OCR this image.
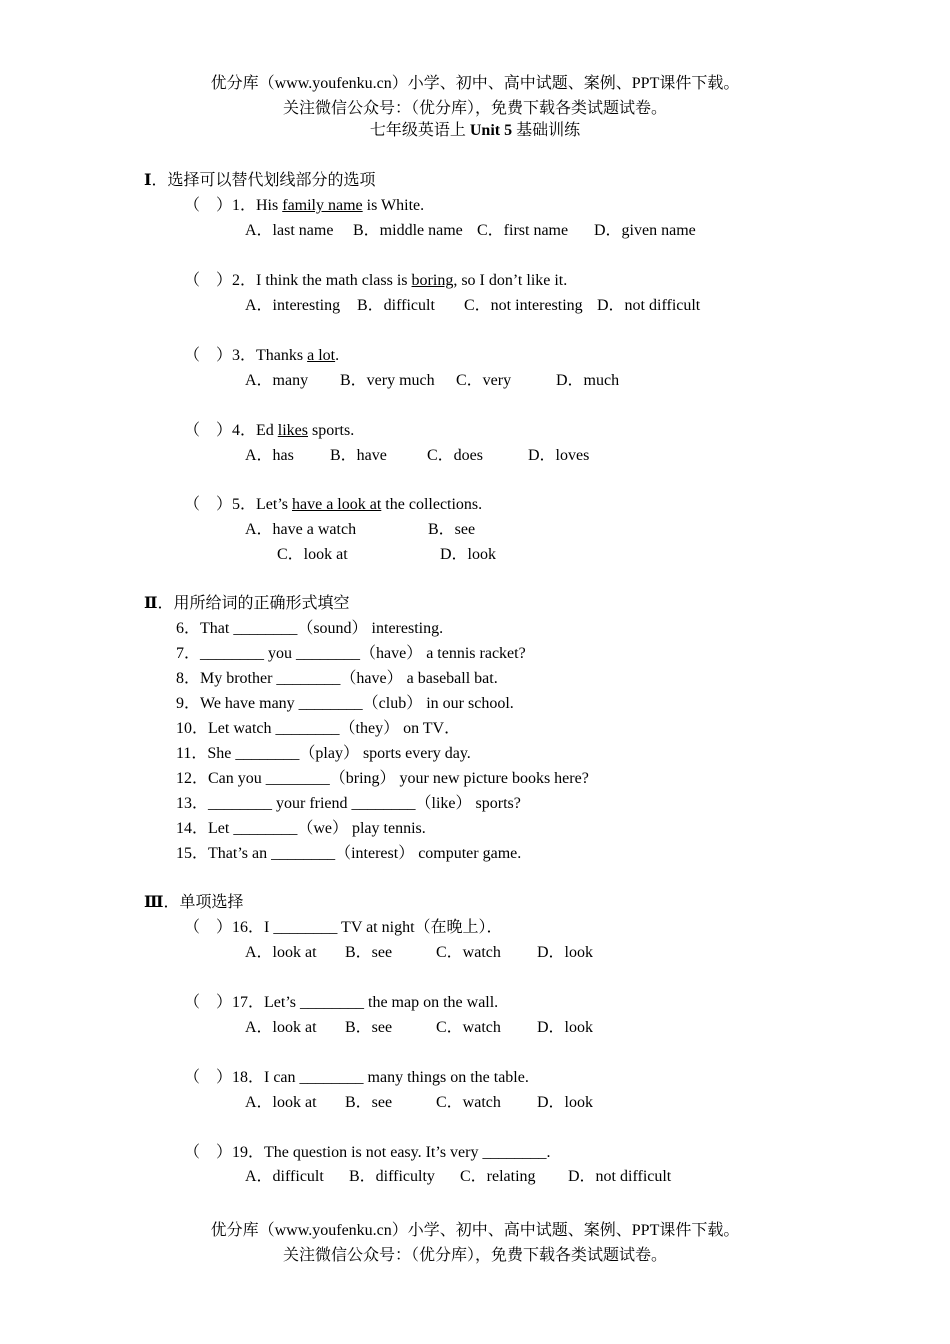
优分库（www.youfenku.cn）小学、初中、高中试题、案例、PPT课件下载。
关注微信公众号：（优分库），免费下载各类试题试卷。
七年级英语上 Unit 5 基础训练
Ⅰ．选择可以替代划线部分的选项
（　）1．His family name is White.
A．last name B．middle name C．first name D．given name
（　）2．I think the math class is boring, so I don’t like it.
A．interesting B．difficult C．not interesting D．not difficult
（　）3．Thanks a lot.
A．many B．very much C．very	D．much
（　）4．Ed likes sports.
A．has B．have	C．does	D．loves
（　）5．Let’s have a look at the collections.
A．have a watch	B．see
C．look at	D．look
Ⅱ．用所给词的正确形式填空
6．That ________（sound） interesting.
7．________ you ________（have） a tennis racket?
8．My brother ________（have） a baseball bat.
9．We have many ________（club） in our school.
10．Let watch ________（they） on TV．
11．She ________（play） sports every day.
12．Can you ________（bring） your new picture books here?
13．________ your friend ________（like） sports?
14．Let ________（we） play tennis.
15．That’s an ________（interest） computer game.
Ⅲ．单项选择
（　）16．I ________ TV at night（在晚上）．
A．look at B．see	C．watch D．look
（　）17．Let’s ________ the map on the wall.
A．look at B．see	C．watch D．look
（　）18．I can ________ many things on the table.
A．look at B．see	C．watch D．look
（　）19．The question is not easy. It’s very ________.
A．difficult B．difficulty C．relating D．not difficult
优分库（www.youfenku.cn）小学、初中、高中试题、案例、PPT课件下载。
关注微信公众号：（优分库），免费下载各类试题试卷。
